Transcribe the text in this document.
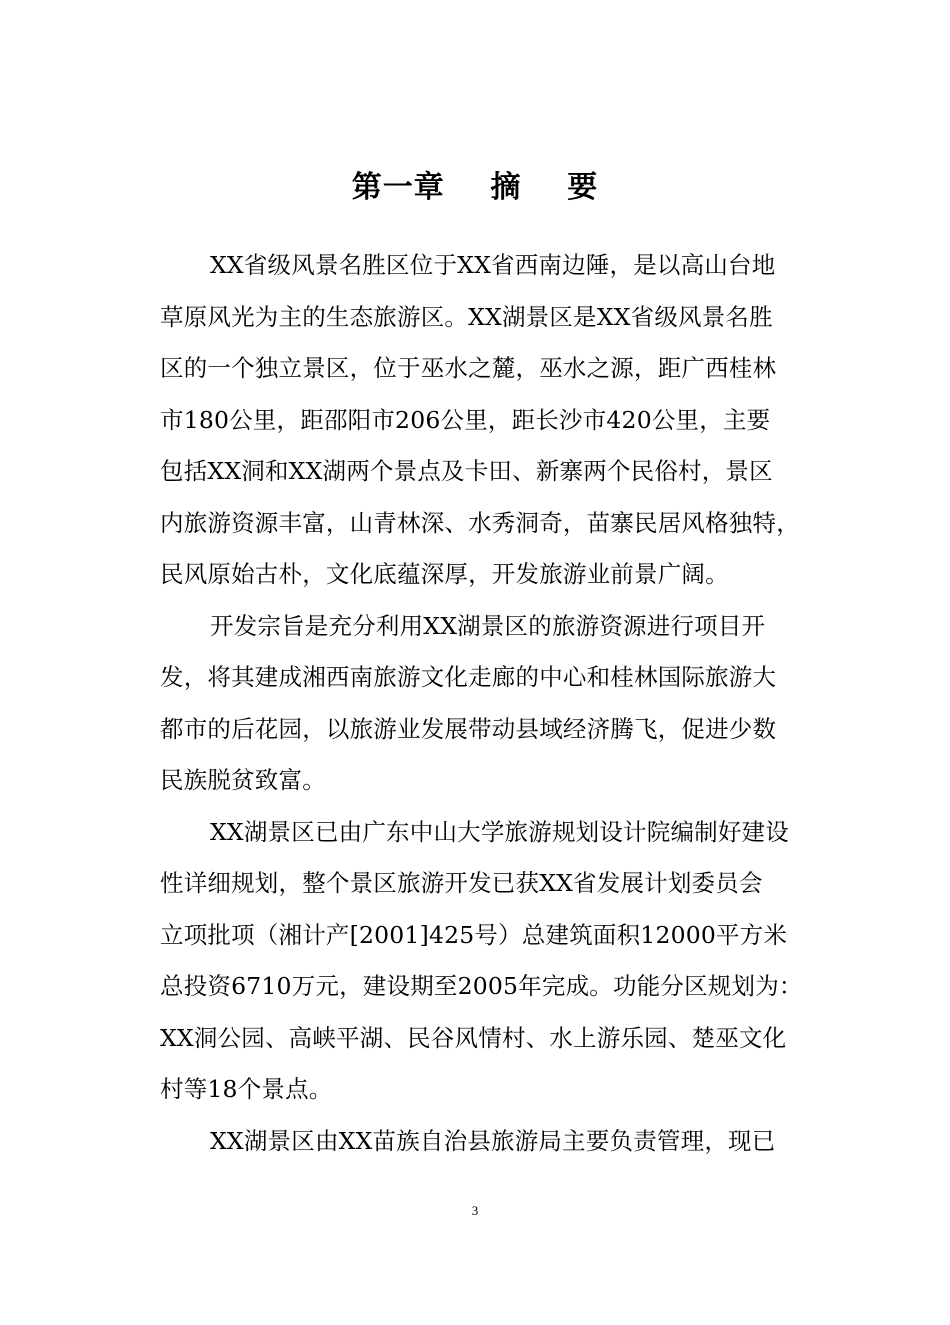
第一章    摘    要
XX省级风景名胜区位于XX省西南边陲，是以高山台地
草原风光为主的生态旅游区。XX湖景区是XX省级风景名胜
区的一个独立景区，位于巫水之麓，巫水之源，距广西桂林
市180公里，距邵阳市206公里，距长沙市420公里，主要
包括XX洞和XX湖两个景点及卡田、新寨两个民俗村，景区
内旅游资源丰富，山青林深、水秀洞奇，苗寨民居风格独特，
民风原始古朴，文化底蕴深厚，开发旅游业前景广阔。
开发宗旨是充分利用XX湖景区的旅游资源进行项目开
发，将其建成湘西南旅游文化走廊的中心和桂林国际旅游大
都市的后花园，以旅游业发展带动县域经济腾飞，促进少数
民族脱贫致富。
XX湖景区已由广东中山大学旅游规划设计院编制好建设
性详细规划，整个景区旅游开发已获XX省发展计划委员会
立项批项（湘计产[2001]425号）总建筑面积12000平方米
总投资6710万元，建设期至2005年完成。功能分区规划为：
XX洞公园、高峡平湖、民谷风情村、水上游乐园、楚巫文化
村等18个景点。
XX湖景区由XX苗族自治县旅游局主要负责管理，现已
3
